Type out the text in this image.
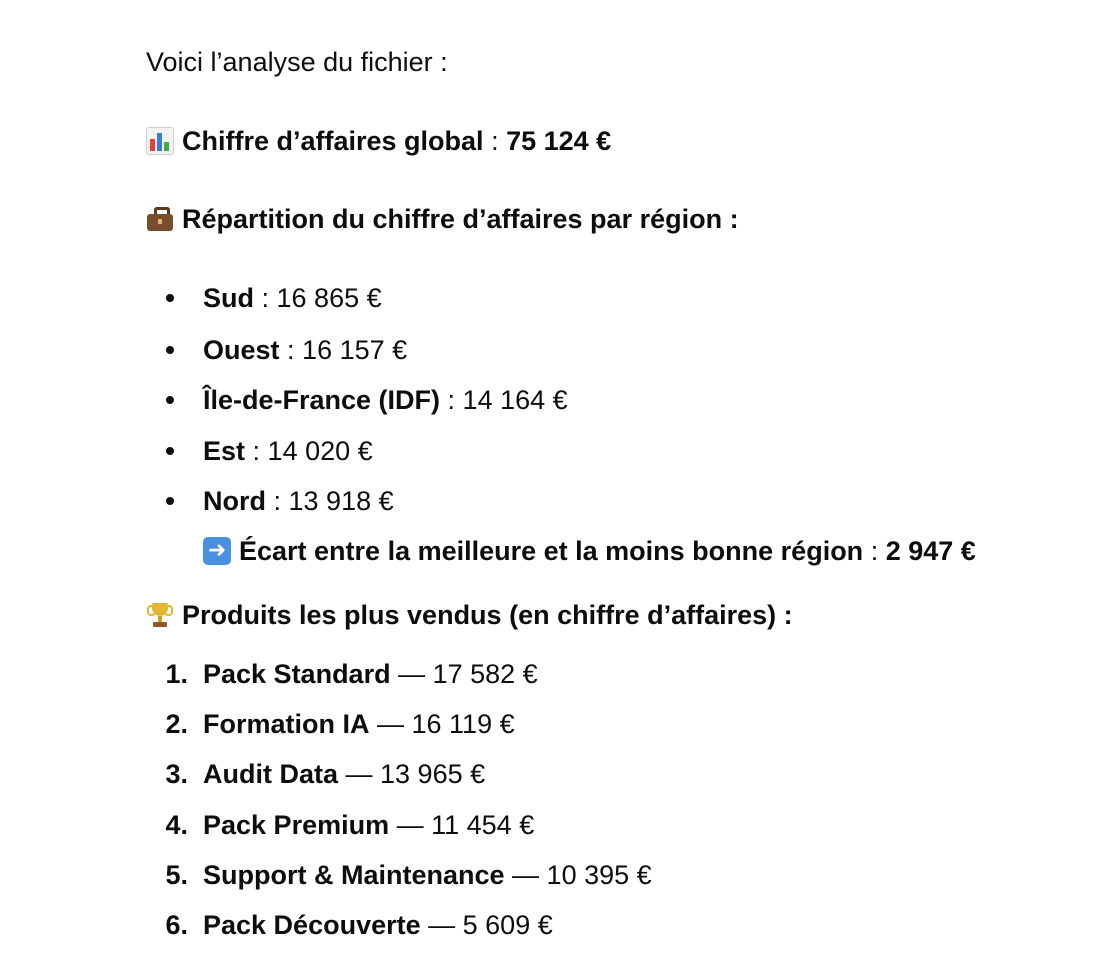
Voici l’analyse du fichier :
Chiffre d’affaires global : 75 124 €
Répartition du chiffre d’affaires par région :
Sud : 16 865 €
Ouest : 16 157 €
Île-de-France (IDF) : 14 164 €
Est : 14 020 €
Nord : 13 918 €
➜ Écart entre la meilleure et la moins bonne région : 2 947 €
Produits les plus vendus (en chiffre d’affaires) :
1. Pack Standard — 17 582 €
2. Formation IA — 16 119 €
3. Audit Data — 13 965 €
4. Pack Premium — 11 454 €
5. Support & Maintenance — 10 395 €
6. Pack Découverte — 5 609 €
